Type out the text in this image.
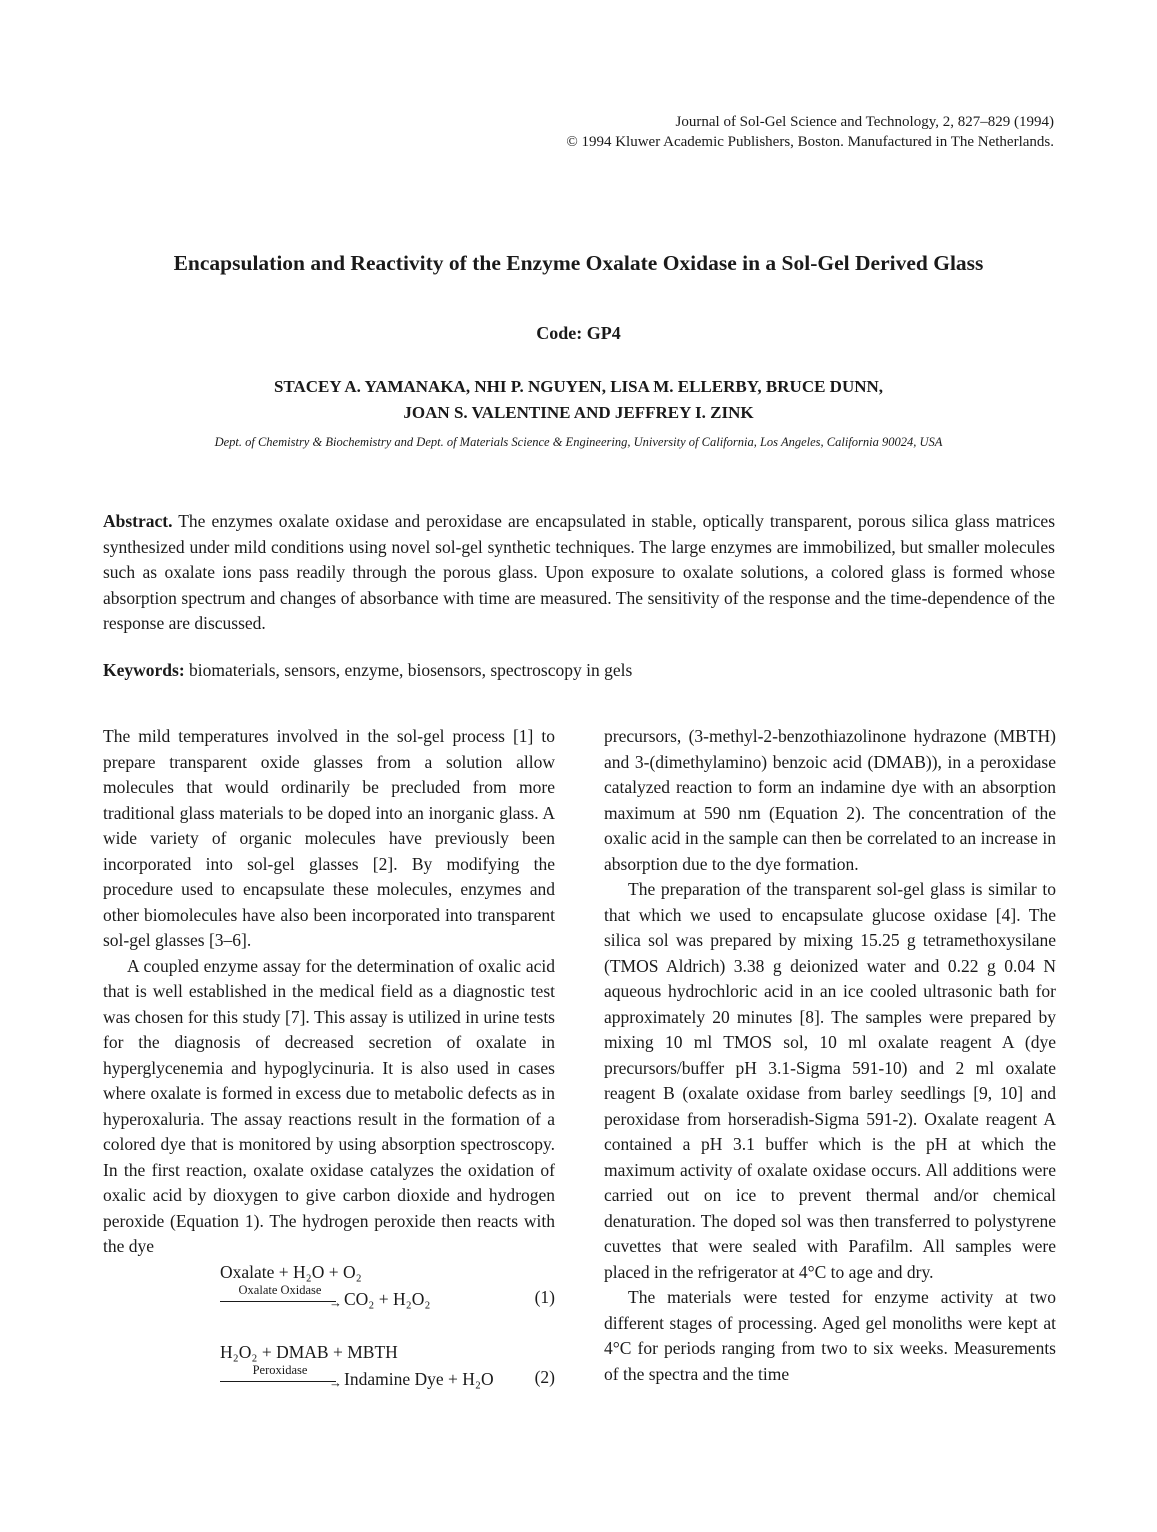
Journal of Sol-Gel Science and Technology, 2, 827–829 (1994)
© 1994 Kluwer Academic Publishers, Boston. Manufactured in The Netherlands.
Encapsulation and Reactivity of the Enzyme Oxalate Oxidase in a Sol-Gel Derived Glass
Code: GP4
STACEY A. YAMANAKA, NHI P. NGUYEN, LISA M. ELLERBY, BRUCE DUNN,
JOAN S. VALENTINE AND JEFFREY I. ZINK
Dept. of Chemistry & Biochemistry and Dept. of Materials Science & Engineering, University of California, Los Angeles, California 90024, USA

Abstract. The enzymes oxalate oxidase and peroxidase are encapsulated in stable, optically transparent, porous silica glass matrices synthesized under mild conditions using novel sol-gel synthetic techniques. The large enzymes are immobilized, but smaller molecules such as oxalate ions pass readily through the porous glass. Upon exposure to oxalate solutions, a colored glass is formed whose absorption spectrum and changes of absorbance with time are measured. The sensitivity of the response and the time-dependence of the response are discussed.

Keywords: biomaterials, sensors, enzyme, biosensors, spectroscopy in gels

The mild temperatures involved in the sol-gel process [1] to prepare transparent oxide glasses from a solution allow molecules that would ordinarily be precluded from more traditional glass materials to be doped into an inorganic glass. A wide variety of organic molecules have previously been incorporated into sol-gel glasses [2]. By modifying the procedure used to encapsulate these molecules, enzymes and other biomolecules have also been incorporated into transparent sol-gel glasses [3–6].

A coupled enzyme assay for the determination of oxalic acid that is well established in the medical field as a diagnostic test was chosen for this study [7]. This assay is utilized in urine tests for the diagnosis of decreased secretion of oxalate in hyperglycenemia and hypoglycinuria. It is also used in cases where oxalate is formed in excess due to metabolic defects as in hyperoxaluria. The assay reactions result in the formation of a colored dye that is monitored by using absorption spectroscopy. In the first reaction, oxalate oxidase catalyzes the oxidation of oxalic acid by dioxygen to give carbon dioxide and hydrogen peroxide (Equation 1). The hydrogen peroxide then reacts with the dye

Oxalate + H₂O + O₂
Oxalate Oxidase
→ CO₂ + H₂O₂	(1)
H₂O₂ + DMAB + MBTH
Peroxidase
→ Indamine Dye + H₂O (2)

precursors, (3-methyl-2-benzothiazolinone hydrazone (MBTH) and 3-(dimethylamino) benzoic acid (DMAB)), in a peroxidase catalyzed reaction to form an indamine dye with an absorption maximum at 590 nm (Equation 2). The concentration of the oxalic acid in the sample can then be correlated to an increase in absorption due to the dye formation.

The preparation of the transparent sol-gel glass is similar to that which we used to encapsulate glucose oxidase [4]. The silica sol was prepared by mixing 15.25 g tetramethoxysilane (TMOS Aldrich) 3.38 g deionized water and 0.22 g 0.04 N aqueous hydrochloric acid in an ice cooled ultrasonic bath for approximately 20 minutes [8]. The samples were prepared by mixing 10 ml TMOS sol, 10 ml oxalate reagent A (dye precursors/buffer pH 3.1-Sigma 591-10) and 2 ml oxalate reagent B (oxalate oxidase from barley seedlings [9, 10] and peroxidase from horseradish-Sigma 591-2). Oxalate reagent A contained a pH 3.1 buffer which is the pH at which the maximum activity of oxalate oxidase occurs. All additions were carried out on ice to prevent thermal and/or chemical denaturation. The doped sol was then transferred to polystyrene cuvettes that were sealed with Parafilm. All samples were placed in the refrigerator at 4°C to age and dry.

The materials were tested for enzyme activity at two different stages of processing. Aged gel monoliths were kept at 4°C for periods ranging from two to six weeks. Measurements of the spectra and the time
